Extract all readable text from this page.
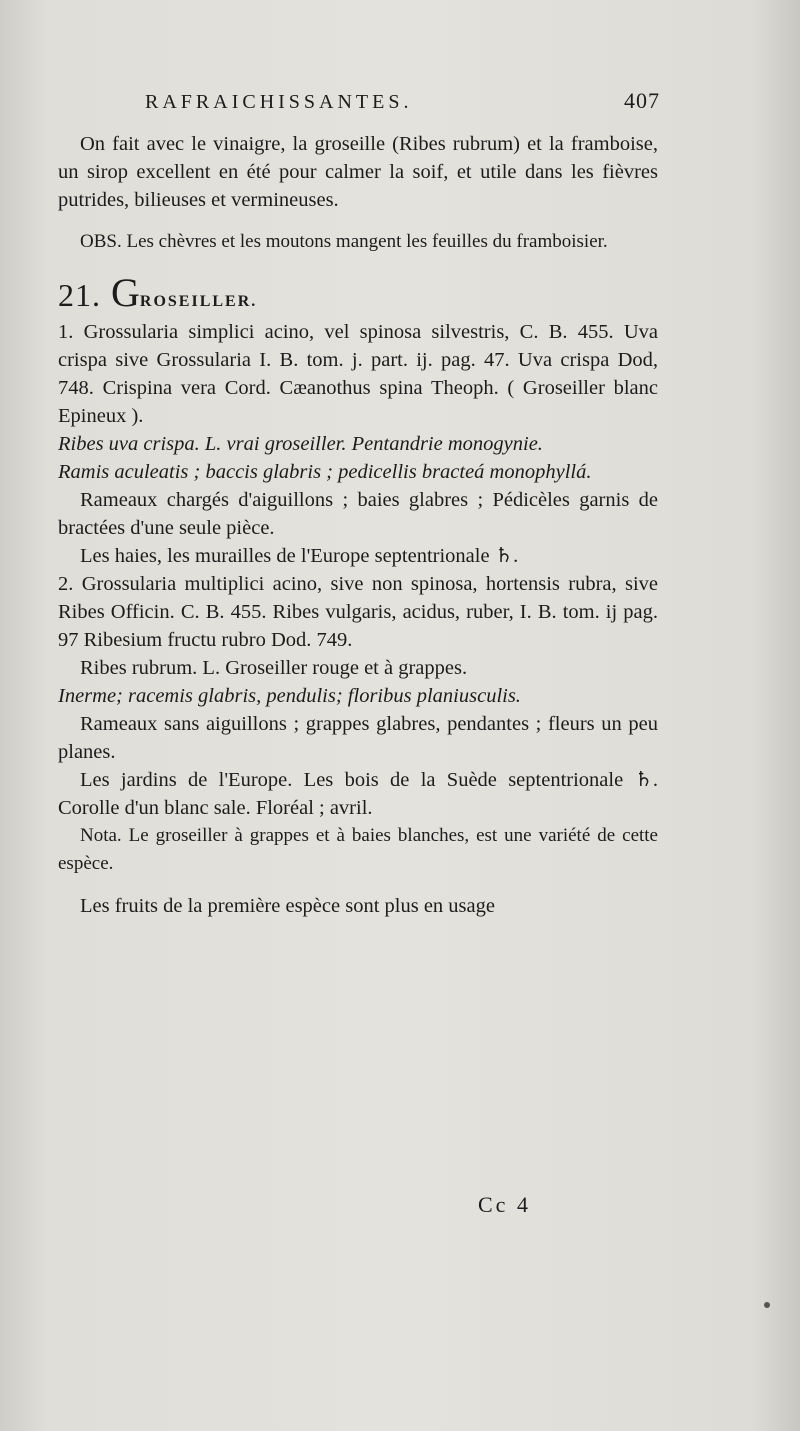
RAFRAICHISSANTES.	407

On fait avec le vinaigre, la groseille (Ribes rubrum) et la framboise, un sirop excellent en été pour calmer la soif, et utile dans les fièvres putrides, bilieuses et vermineuses.

OBS. Les chèvres et les moutons mangent les feuilles du framboisier.

21. G ROSEILLER.

1. Grossularia simplici acino, vel spinosa silvestris, C. B. 455. Uva crispa sive Grossularia I. B. tom. j. part. ij. pag. 47. Uva crispa Dod, 748. Crispina vera Cord. Cæanothus spina Theoph. ( Groseiller blanc Epineux ).

Ribes uva crispa. L. vrai groseiller. Pentandrie monogynie.

Ramis aculeatis ; baccis glabris ; pedicellis bracteá monophyllá.

Rameaux chargés d'aiguillons ; baies glabres ; Pédicèles garnis de bractées d'une seule pièce.

Les haies, les murailles de l'Europe septentrionale ♄.

2. Grossularia multiplici acino, sive non spinosa, hortensis rubra, sive Ribes Officin. C. B. 455. Ribes vulgaris, acidus, ruber, I. B. tom. ij pag. 97 Ribesium fructu rubro Dod. 749.

Ribes rubrum. L. Groseiller rouge et à grappes.

Inerme; racemis glabris, pendulis; floribus planiusculis.

Rameaux sans aiguillons ; grappes glabres, pendantes ; fleurs un peu planes.

Les jardins de l'Europe. Les bois de la Suède septentrionale ♄. Corolle d'un blanc sale. Floréal ; avril.

Nota. Le groseiller à grappes et à baies blanches, est une variété de cette espèce.

Les fruits de la première espèce sont plus en usage

Cc 4
